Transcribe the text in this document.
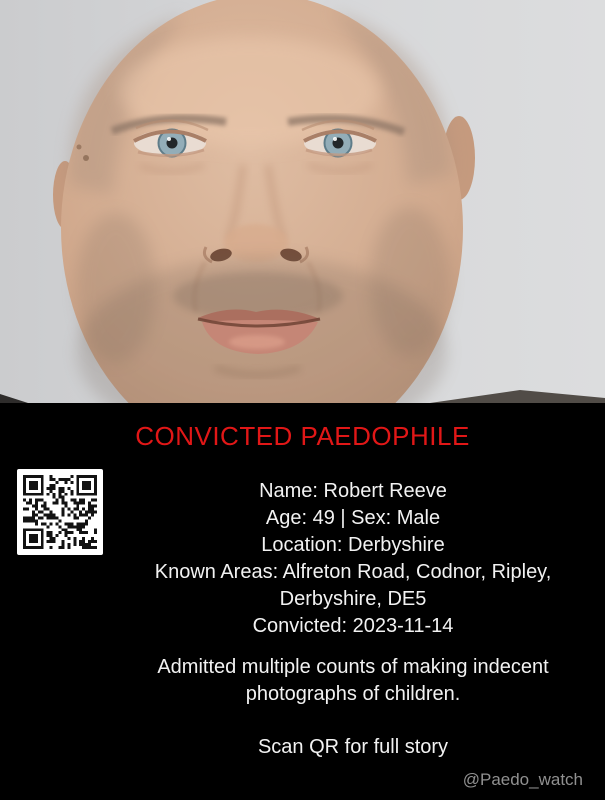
CONVICTED PAEDOPHILE

Name: Robert Reeve

Age: 49 | Sex: Male

Location: Derbyshire

Known Areas: Alfreton Road, Codnor, Ripley, Derbyshire, DE5

Convicted: 2023-11-14

Admitted multiple counts of making indecent photographs of children.

Scan QR for full story

@Paedo_watch
